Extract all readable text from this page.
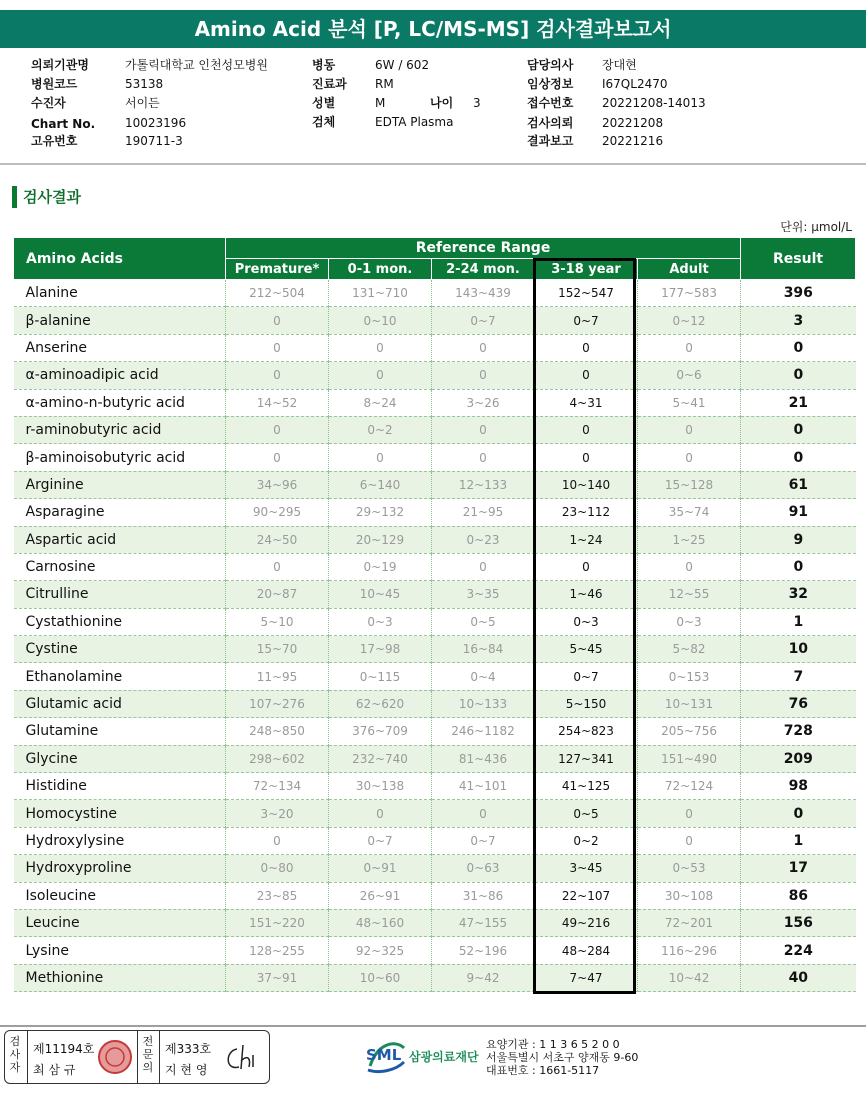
Amino Acid 분석 [P, LC/MS-MS] 검사결과보고서
의뢰기관명	가톨릭대학교 인천성모병원
병원코드	53138
수진자	서이든
Chart No. 10023196
고유번호	190711-3
병동	6W / 602
진료과 RM
성별	M	나이 3
검체	EDTA Plasma
담당의사 장대현
임상정보 I67QL2470
접수번호 20221208-14013
검사의뢰 20221208
결과보고 20221216
검사결과
단위: μmol/L
Amino Acids	Reference Range					Result
	Premature*	0-1 mon.	2-24 mon.	3-18 year	Adult	
Alanine	212~504	131~710	143~439	152~547	177~583	396
β-alanine	0	0~10	0~7	0~7	0~12	3
Anserine	0	0	0	0	0	0
α-aminoadipic acid	0	0	0	0	0~6	0
α-amino-n-butyric acid	14~52	8~24	3~26	4~31	5~41	21
r-aminobutyric acid	0	0~2	0	0	0	0
β-aminoisobutyric acid	0	0	0	0	0	0
Arginine	34~96	6~140	12~133	10~140	15~128	61
Asparagine	90~295	29~132	21~95	23~112	35~74	91
Aspartic acid	24~50	20~129	0~23	1~24	1~25	9
Carnosine	0	0~19	0	0	0	0
Citrulline	20~87	10~45	3~35	1~46	12~55	32
Cystathionine	5~10	0~3	0~5	0~3	0~3	1
Cystine	15~70	17~98	16~84	5~45	5~82	10
Ethanolamine	11~95	0~115	0~4	0~7	0~153	7
Glutamic acid	107~276	62~620	10~133	5~150	10~131	76
Glutamine	248~850	376~709	246~1182	254~823	205~756	728
Glycine	298~602	232~740	81~436	127~341	151~490	209
Histidine	72~134	30~138	41~101	41~125	72~124	98
Homocystine	3~20	0	0	0~5	0	0
Hydroxylysine	0	0~7	0~7	0~2	0	1
Hydroxyproline	0~80	0~91	0~63	3~45	0~53	17
Isoleucine	23~85	26~91	31~86	22~107	30~108	86
Leucine	151~220	48~160	47~155	49~216	72~201	156
Lysine	128~255	92~325	52~196	48~284	116~296	224
Methionine	37~91	10~60	9~42	7~47	10~42	40
검사자
제11194호
최 삼 규
전문의
제333호
지 현 영
SML 삼광의료재단
요양기관 : 1 1 3 6 5 2 0 0
서울특별시 서초구 양재동 9-60
대표번호 : 1661-5117
